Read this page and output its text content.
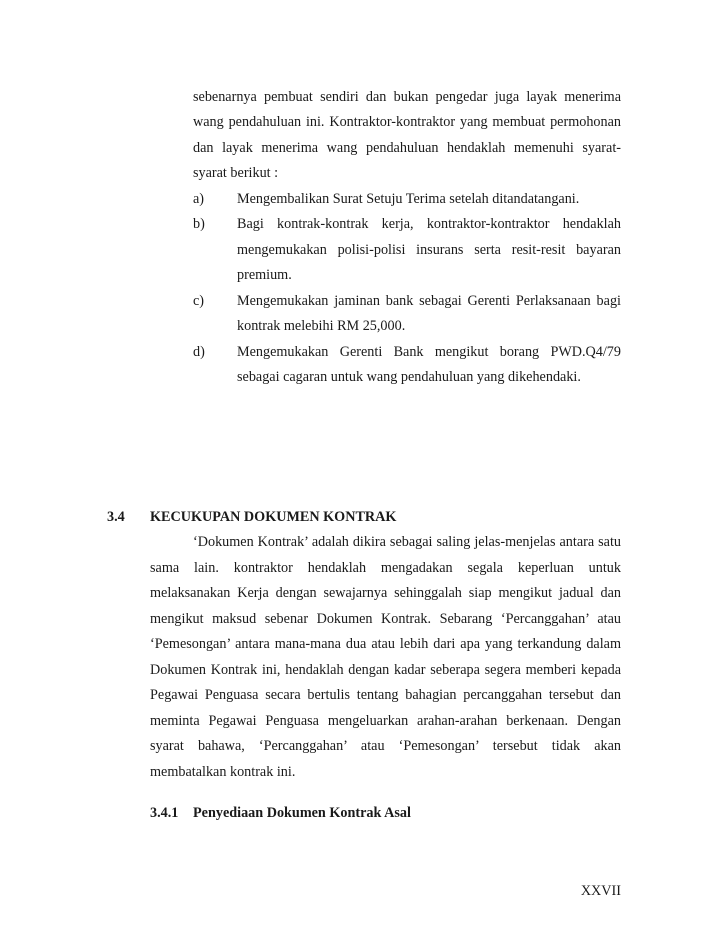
sebenarnya pembuat sendiri dan bukan pengedar juga layak menerima
wang pendahuluan ini. Kontraktor-kontraktor yang membuat permohonan
dan layak menerima wang pendahuluan hendaklah memenuhi syarat-
syarat berikut :
a) Mengembalikan Surat Setuju Terima setelah ditandatangani.
b) Bagi kontrak-kontrak kerja, kontraktor-kontraktor hendaklah
mengemukakan polisi-polisi insurans serta resit-resit bayaran
premium.
c) Mengemukakan jaminan bank sebagai Gerenti Perlaksanaan bagi
kontrak melebihi RM 25,000.
d) Mengemukakan Gerenti Bank mengikut borang PWD.Q4/79
sebagai cagaran untuk wang pendahuluan yang dikehendaki.
3.4 KECUKUPAN DOKUMEN KONTRAK
‘Dokumen Kontrak’ adalah dikira sebagai saling jelas-menjelas antara satu
sama lain. kontraktor hendaklah mengadakan segala keperluan untuk
melaksanakan Kerja dengan sewajarnya sehinggalah siap mengikut jadual dan
mengikut maksud sebenar Dokumen Kontrak. Sebarang ‘Percanggahan’ atau
‘Pemesongan’ antara mana-mana dua atau lebih dari apa yang terkandung dalam
Dokumen Kontrak ini, hendaklah dengan kadar seberapa segera memberi kepada
Pegawai Penguasa secara bertulis tentang bahagian percanggahan tersebut dan
meminta Pegawai Penguasa mengeluarkan arahan-arahan berkenaan. Dengan
syarat bahawa, ‘Percanggahan’ atau ‘Pemesongan’ tersebut tidak akan
membatalkan kontrak ini.
3.4.1 Penyediaan Dokumen Kontrak Asal
XXVII
